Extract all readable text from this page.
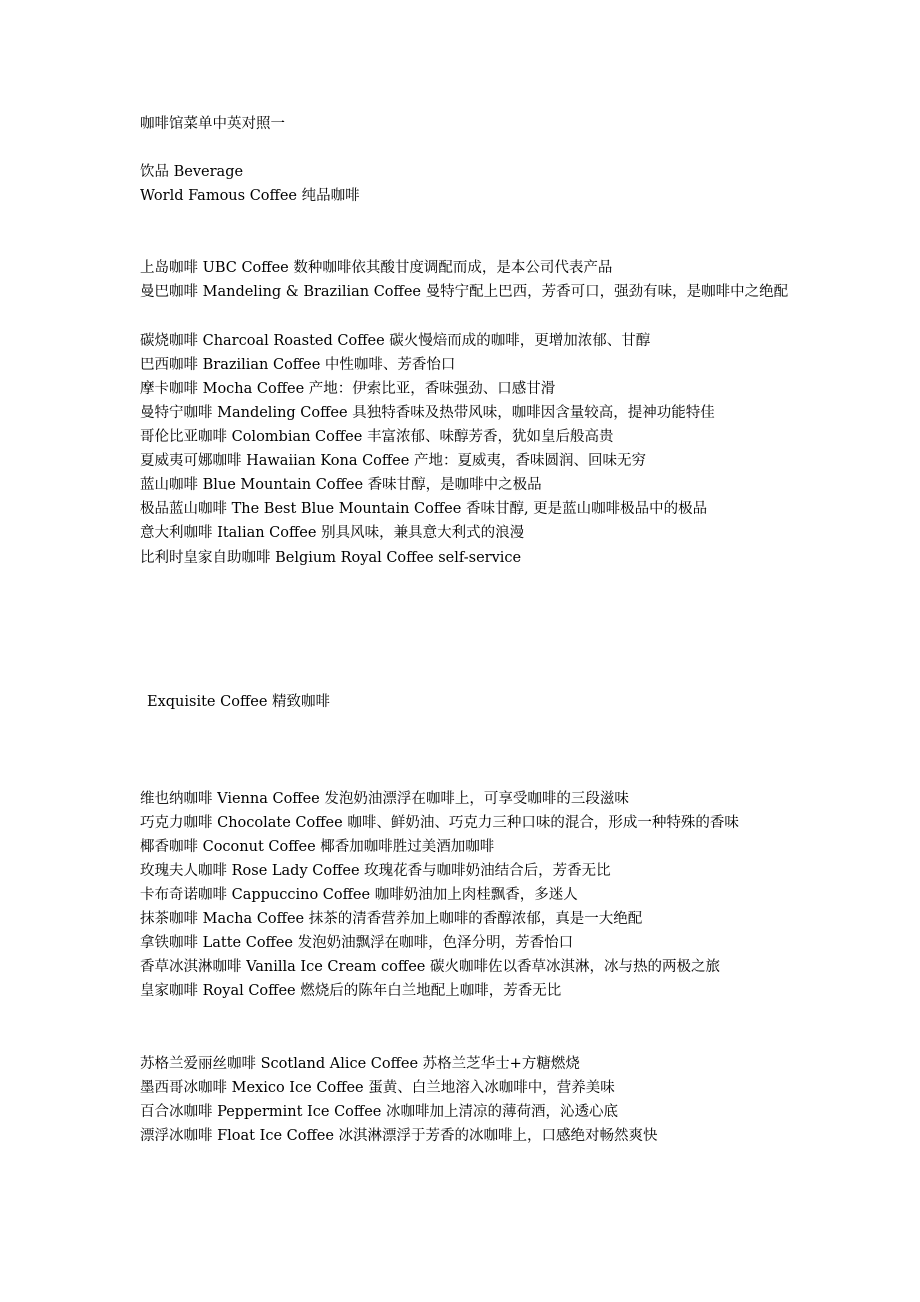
咖啡馆菜单中英对照一
饮品 Beverage
World Famous Coffee 纯品咖啡
上岛咖啡 UBC Coffee 数种咖啡依其酸甘度调配而成，是本公司代表产品
曼巴咖啡 Mandeling & Brazilian Coffee 曼特宁配上巴西，芳香可口，强劲有味，是咖啡中之绝配
碳烧咖啡 Charcoal Roasted Coffee 碳火慢焙而成的咖啡，更增加浓郁、甘醇
巴西咖啡 Brazilian Coffee 中性咖啡、芳香怡口
摩卡咖啡 Mocha Coffee 产地：伊索比亚，香味强劲、口感甘滑
曼特宁咖啡 Mandeling Coffee 具独特香味及热带风味，咖啡因含量较高，提神功能特佳
哥伦比亚咖啡 Colombian Coffee 丰富浓郁、味醇芳香，犹如皇后般高贵
夏威夷可娜咖啡 Hawaiian Kona Coffee 产地：夏威夷，香味圆润、回味无穷
蓝山咖啡 Blue Mountain Coffee 香味甘醇，是咖啡中之极品
极品蓝山咖啡 The Best Blue Mountain Coffee 香味甘醇, 更是蓝山咖啡极品中的极品
意大利咖啡 Italian Coffee 别具风味，兼具意大利式的浪漫
比利时皇家自助咖啡 Belgium Royal Coffee self-service
Exquisite Coffee 精致咖啡
维也纳咖啡 Vienna Coffee 发泡奶油漂浮在咖啡上，可享受咖啡的三段滋味
巧克力咖啡 Chocolate Coffee 咖啡、鲜奶油、巧克力三种口味的混合，形成一种特殊的香味
椰香咖啡 Coconut Coffee 椰香加咖啡胜过美酒加咖啡
玫瑰夫人咖啡 Rose Lady Coffee 玫瑰花香与咖啡奶油结合后，芳香无比
卡布奇诺咖啡 Cappuccino Coffee 咖啡奶油加上肉桂飘香，多迷人
抹茶咖啡 Macha Coffee 抹茶的清香营养加上咖啡的香醇浓郁，真是一大绝配
拿铁咖啡 Latte Coffee 发泡奶油飘浮在咖啡，色泽分明，芳香怡口
香草冰淇淋咖啡 Vanilla Ice Cream coffee 碳火咖啡佐以香草冰淇淋，冰与热的两极之旅
皇家咖啡 Royal Coffee 燃烧后的陈年白兰地配上咖啡，芳香无比
苏格兰爱丽丝咖啡 Scotland Alice Coffee 苏格兰芝华士+方糖燃烧
墨西哥冰咖啡 Mexico Ice Coffee 蛋黄、白兰地溶入冰咖啡中，营养美味
百合冰咖啡 Peppermint Ice Coffee 冰咖啡加上清凉的薄荷酒，沁透心底
漂浮冰咖啡 Float Ice Coffee 冰淇淋漂浮于芳香的冰咖啡上，口感绝对畅然爽快
